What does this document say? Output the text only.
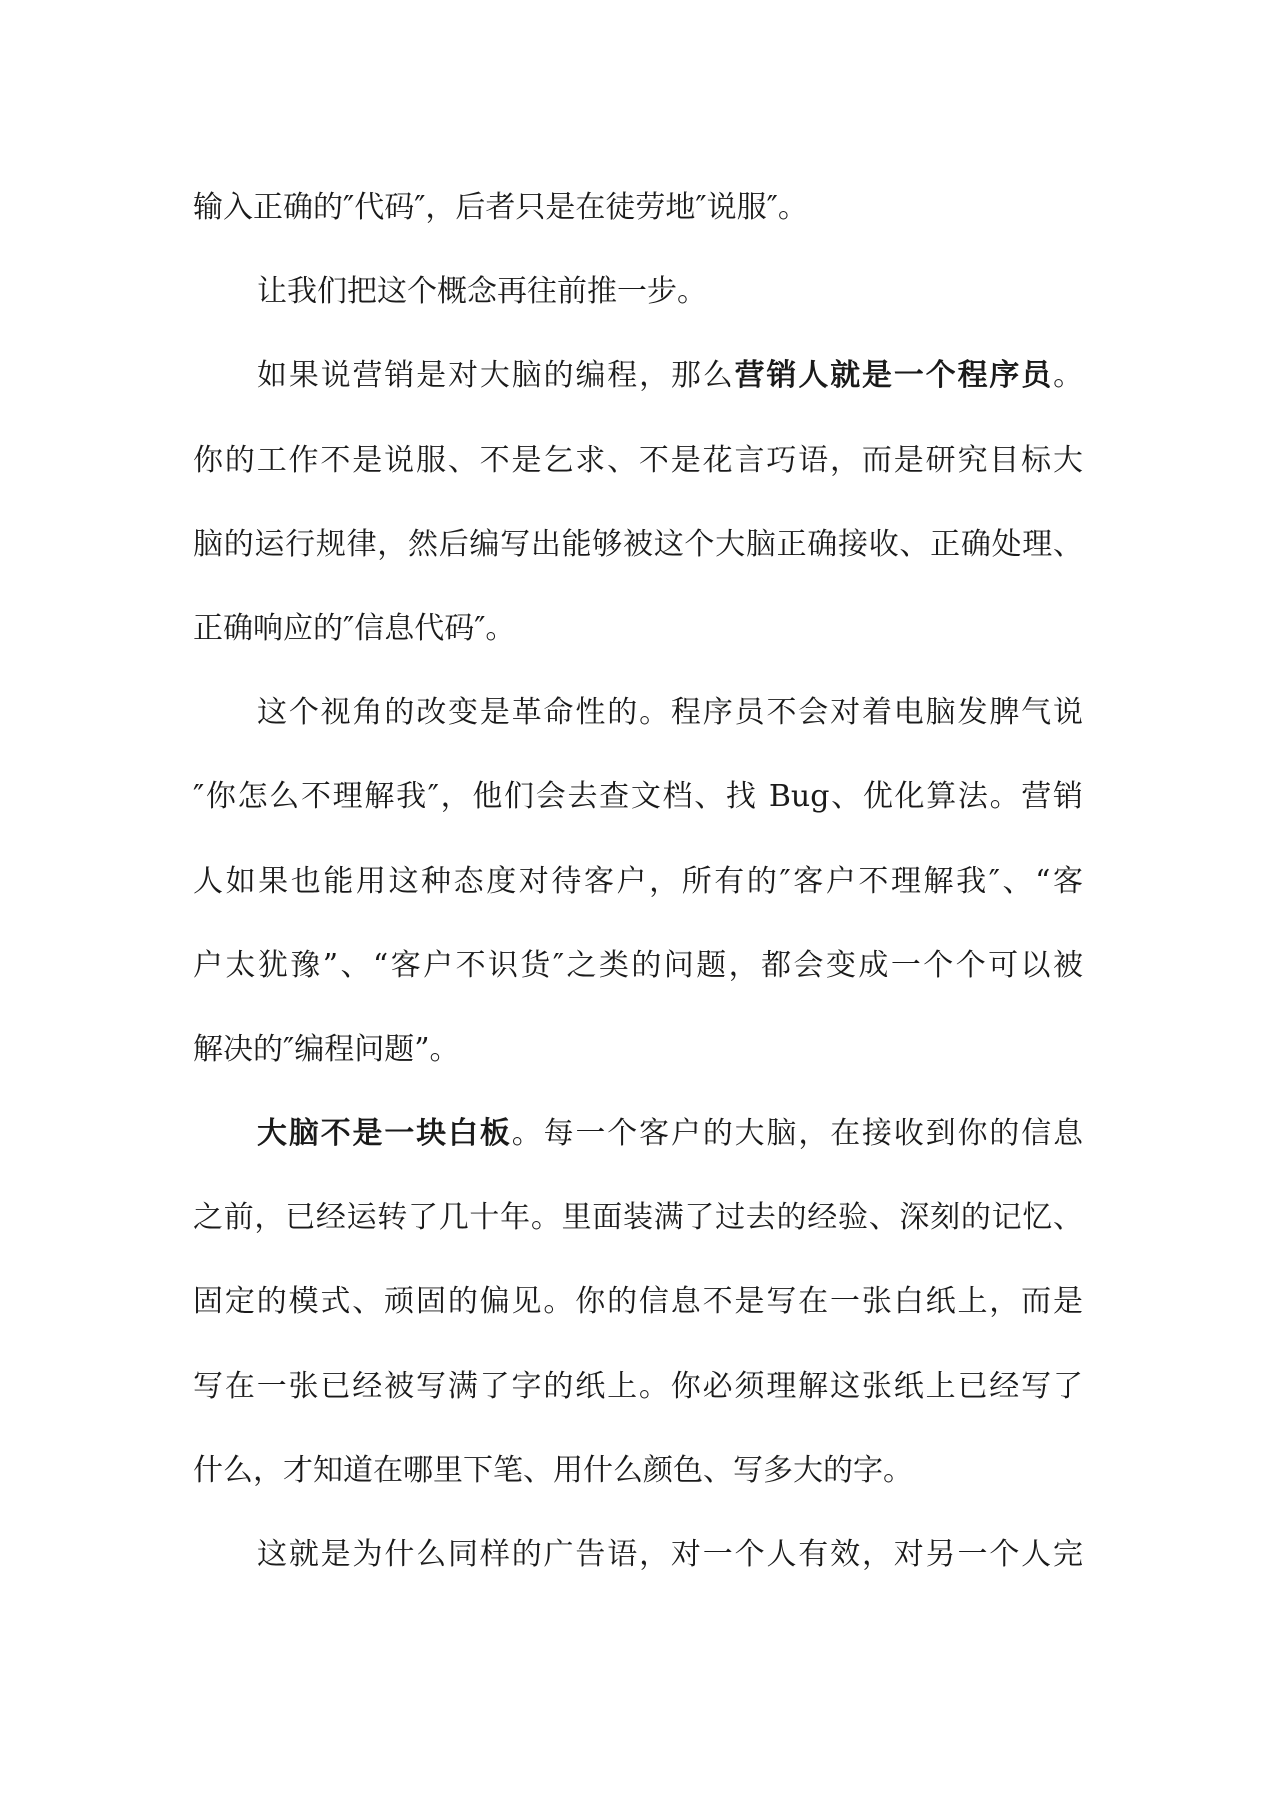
输入正确的″代码″，后者只是在徒劳地″说服″。
让我们把这个概念再往前推一步。
如果说营销是对大脑的编程，那么营销人就是一个程序员。
你的工作不是说服、不是乞求、不是花言巧语，而是研究目标大
脑的运行规律，然后编写出能够被这个大脑正确接收、正确处理、
正确响应的″信息代码″。
这个视角的改变是革命性的。程序员不会对着电脑发脾气说
″你怎么不理解我″，他们会去查文档、找 Bug、优化算法。营销
人如果也能用这种态度对待客户，所有的″客户不理解我″、“客
户太犹豫”、“客户不识货″之类的问题，都会变成一个个可以被
解决的″编程问题”。
大脑不是一块白板。每一个客户的大脑，在接收到你的信息
之前，已经运转了几十年。里面装满了过去的经验、深刻的记忆、
固定的模式、顽固的偏见。你的信息不是写在一张白纸上，而是
写在一张已经被写满了字的纸上。你必须理解这张纸上已经写了
什么，才知道在哪里下笔、用什么颜色、写多大的字。
这就是为什么同样的广告语，对一个人有效，对另一个人完
